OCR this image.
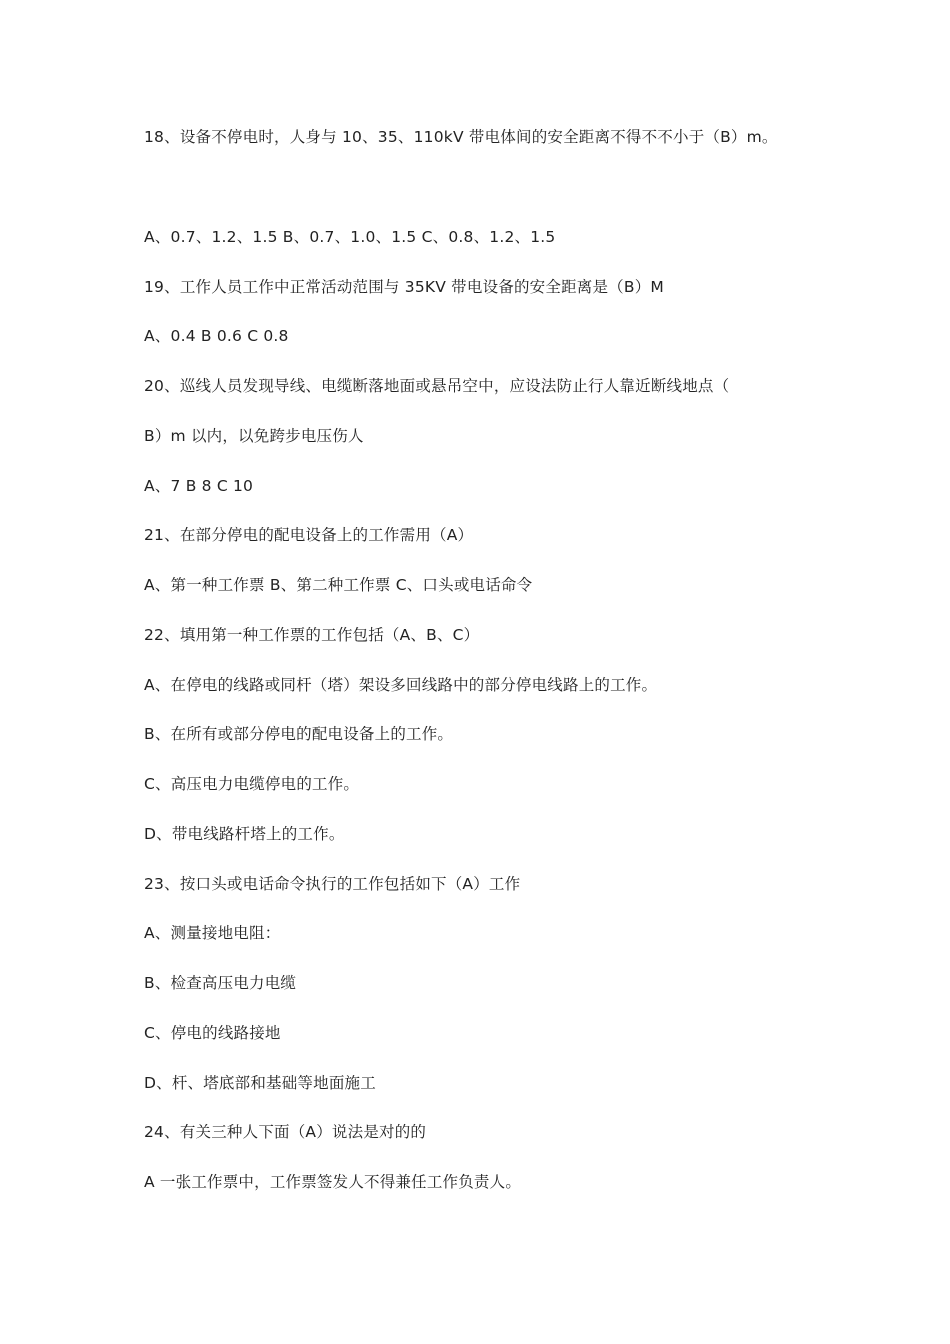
18、设备不停电时，人身与 10、35、110kV 带电体间的安全距离不得不不小于（B）m。
A、0.7、1.2、1.5 B、0.7、1.0、1.5 C、0.8、1.2、1.5
19、工作人员工作中正常活动范围与 35KV 带电设备的安全距离是（B）M
A、0.4 B 0.6 C 0.8
20、巡线人员发现导线、电缆断落地面或悬吊空中，应设法防止行人靠近断线地点（
B）m 以内，以免跨步电压伤人
A、7 B 8 C 10
21、在部分停电的配电设备上的工作需用（A）
A、第一种工作票 B、第二种工作票 C、口头或电话命令
22、填用第一种工作票的工作包括（A、B、C）
A、在停电的线路或同杆（塔）架设多回线路中的部分停电线路上的工作。
B、在所有或部分停电的配电设备上的工作。
C、高压电力电缆停电的工作。
D、带电线路杆塔上的工作。
23、按口头或电话命令执行的工作包括如下（A）工作
A、测量接地电阻：
B、检查高压电力电缆
C、停电的线路接地
D、杆、塔底部和基础等地面施工
24、有关三种人下面（A）说法是对的的
A 一张工作票中，工作票签发人不得兼任工作负责人。
